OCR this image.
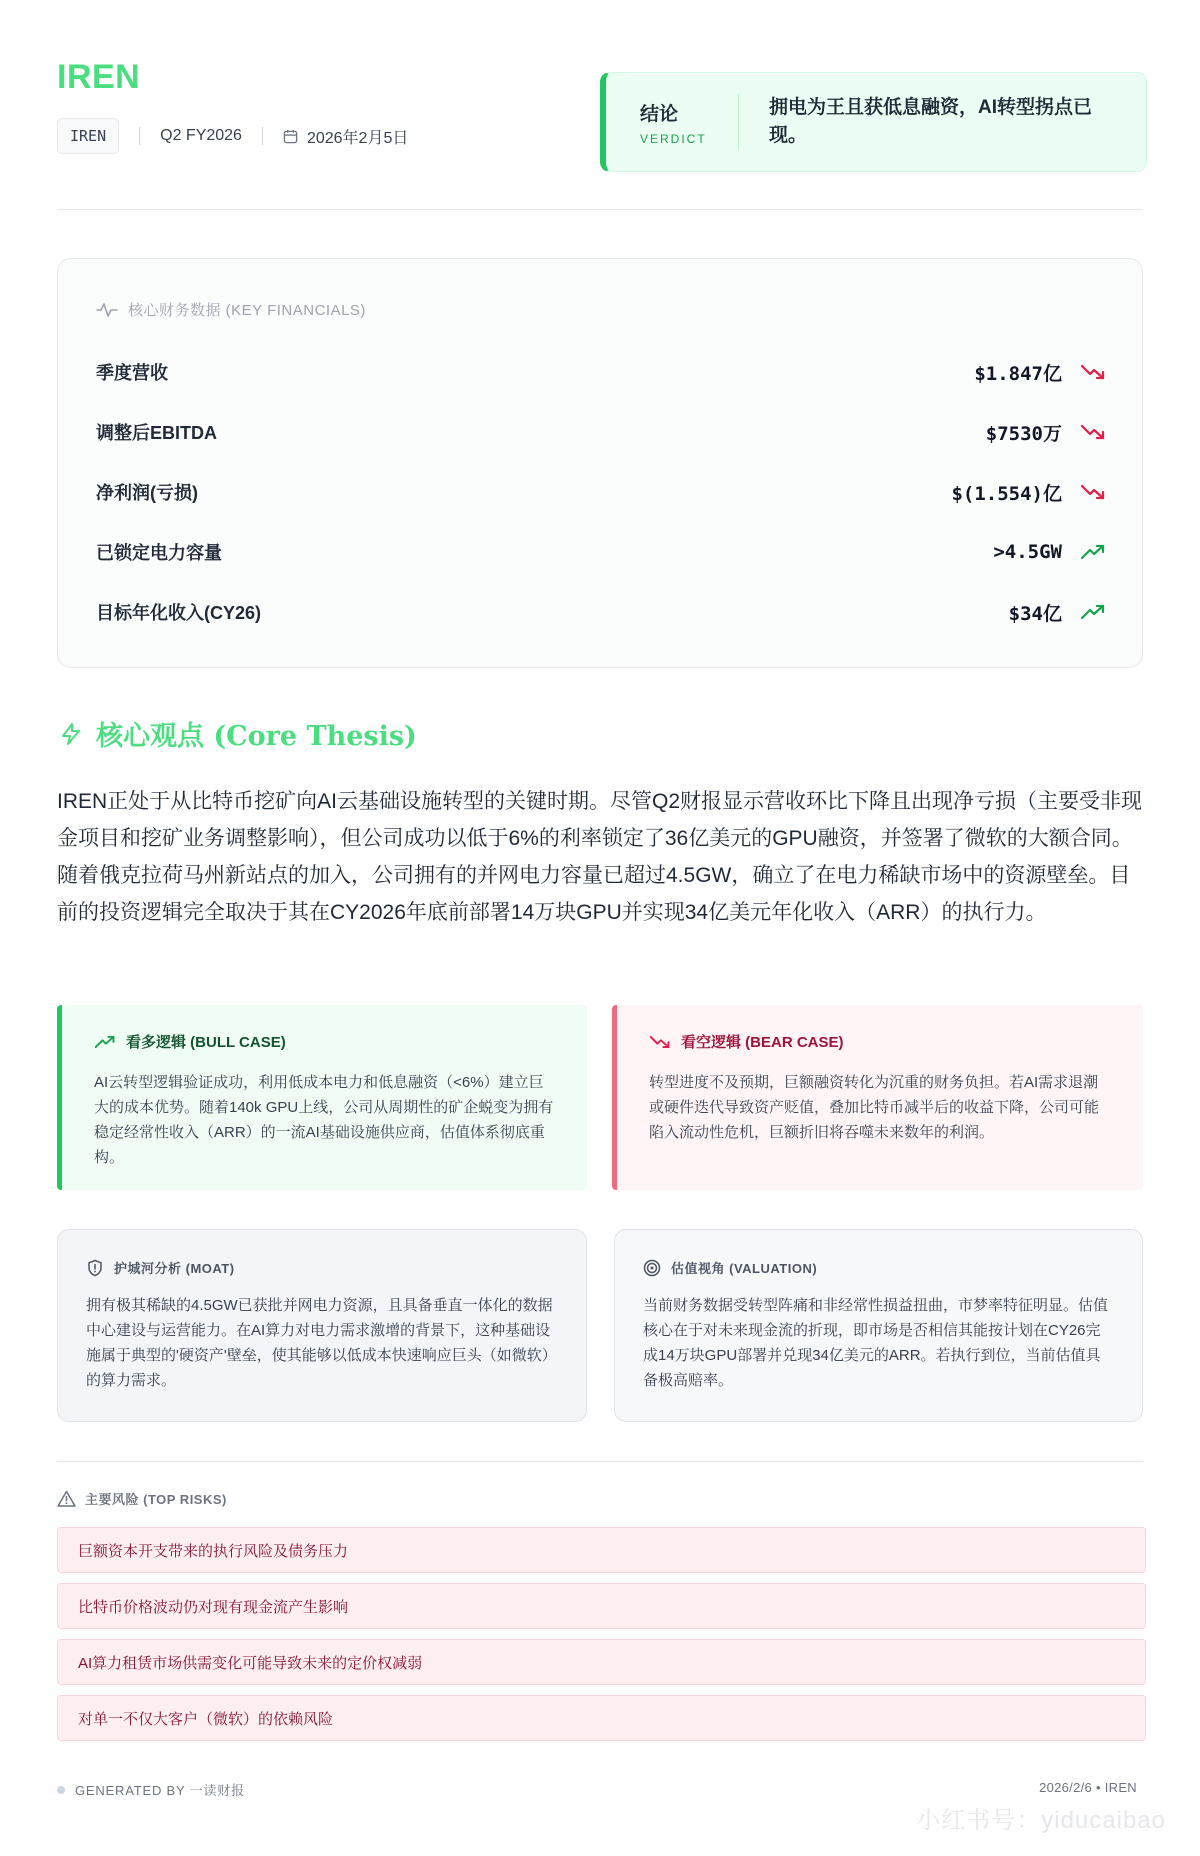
IREN
IREN	Q2 FY2026	2026年2月5日
结论
VERDICT
拥电为王且获低息融资，AI转型拐点已现。
核心财务数据 (KEY FINANCIALS)
季度营收	$1.847亿
调整后EBITDA	$7530万
净利润(亏损)	$(1.554)亿
已锁定电力容量	>4.5GW
目标年化收入(CY26)	$34亿
核心观点 (Core Thesis)
IREN正处于从比特币挖矿向AI云基础设施转型的关键时期。尽管Q2财报显示营收环比下降且出现净亏损（主要受非现金项目和挖矿业务调整影响），但公司成功以低于6%的利率锁定了36亿美元的GPU融资，并签署了微软的大额合同。随着俄克拉荷马州新站点的加入，公司拥有的并网电力容量已超过4.5GW，确立了在电力稀缺市场中的资源壁垒。目前的投资逻辑完全取决于其在CY2026年底前部署14万块GPU并实现34亿美元年化收入（ARR）的执行力。
看多逻辑 (BULL CASE)
AI云转型逻辑验证成功，利用低成本电力和低息融资（<6%）建立巨大的成本优势。随着140k GPU上线，公司从周期性的矿企蜕变为拥有稳定经常性收入（ARR）的一流AI基础设施供应商，估值体系彻底重构。
看空逻辑 (BEAR CASE)
转型进度不及预期，巨额融资转化为沉重的财务负担。若AI需求退潮或硬件迭代导致资产贬值，叠加比特币减半后的收益下降，公司可能陷入流动性危机，巨额折旧将吞噬未来数年的利润。
护城河分析 (MOAT)
拥有极其稀缺的4.5GW已获批并网电力资源，且具备垂直一体化的数据中心建设与运营能力。在AI算力对电力需求激增的背景下，这种基础设施属于典型的'硬资产'壁垒，使其能够以低成本快速响应巨头（如微软）的算力需求。
估值视角 (VALUATION)
当前财务数据受转型阵痛和非经常性损益扭曲，市梦率特征明显。估值核心在于对未来现金流的折现，即市场是否相信其能按计划在CY26完成14万块GPU部署并兑现34亿美元的ARR。若执行到位，当前估值具备极高赔率。
主要风险 (TOP RISKS)
巨额资本开支带来的执行风险及债务压力
比特币价格波动仍对现有现金流产生影响
AI算力租赁市场供需变化可能导致未来的定价权减弱
对单一不仅大客户（微软）的依赖风险
GENERATED BY 一读财报	2026/2/6 • IREN
小红书号：yiducaibao
